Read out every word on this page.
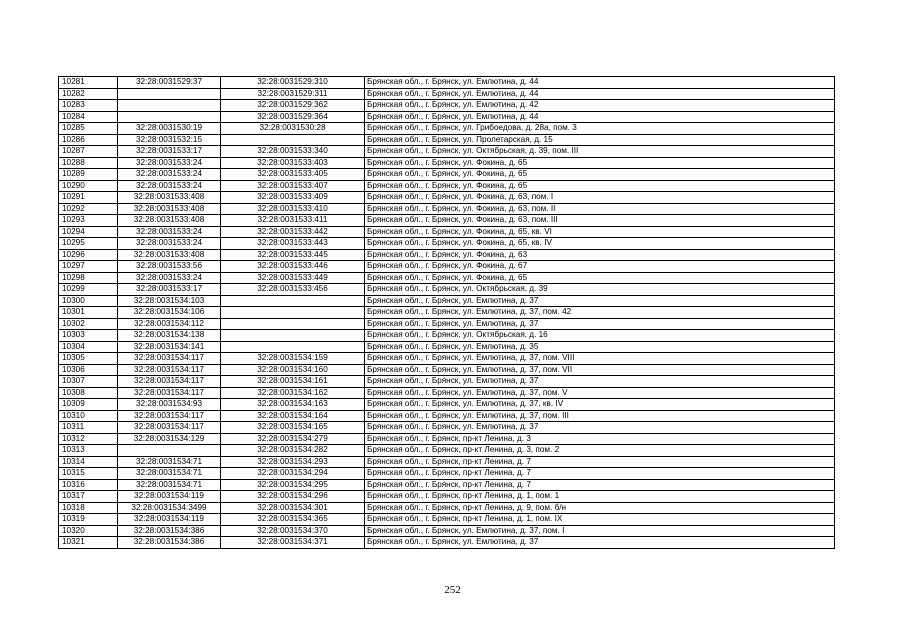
10281	32:28:0031529:37	32:28:0031529:310	Брянская обл., г. Брянск, ул. Емлютина, д. 44
10282		32:28:0031529:311	Брянская обл., г. Брянск, ул. Емлютина, д. 44
10283		32:28:0031529:362	Брянская обл., г. Брянск, ул. Емлютина, д. 42
10284		32:28:0031529:364	Брянская обл., г. Брянск, ул. Емлютина, д. 44
10285	32:28:0031530:19	32:28:0031530:28	Брянская обл., г. Брянск, ул. Грибоедова, д. 28а, пом. 3
10286	32:28:0031532:15		Брянская обл., г. Брянск, ул. Пролетарская, д. 15
10287	32:28:0031533:17	32:28:0031533:340	Брянская обл., г. Брянск, ул. Октябрьская, д. 39, пом. III
10288	32:28:0031533:24	32:28:0031533:403	Брянская обл., г. Брянск, ул. Фокина, д. 65
10289	32:28:0031533:24	32:28:0031533:405	Брянская обл., г. Брянск, ул. Фокина, д. 65
10290	32:28:0031533:24	32:28:0031533:407	Брянская обл., г. Брянск, ул. Фокина, д. 65
10291	32:28:0031533:408	32:28:0031533:409	Брянская обл., г. Брянск, ул. Фокина, д. 63, пом. I
10292	32:28:0031533:408	32:28:0031533:410	Брянская обл., г. Брянск, ул. Фокина, д. 63, пом. II
10293	32:28:0031533:408	32:28:0031533:411	Брянская обл., г. Брянск, ул. Фокина, д. 63, пом. III
10294	32:28:0031533:24	32:28:0031533:442	Брянская обл., г. Брянск, ул. Фокина, д. 65, кв. VI
10295	32:28:0031533:24	32:28:0031533:443	Брянская обл., г. Брянск, ул. Фокина, д. 65, кв. IV
10296	32:28:0031533:408	32:28:0031533:445	Брянская обл., г. Брянск, ул. Фокина, д. 63
10297	32:28:0031533:56	32:28:0031533:446	Брянская обл., г. Брянск, ул. Фокина, д. 67
10298	32:28:0031533:24	32:28:0031533:449	Брянская обл., г. Брянск, ул. Фокина, д. 65
10299	32:28:0031533:17	32:28:0031533:456	Брянская обл., г. Брянск, ул. Октябрьская, д. 39
10300	32:28:0031534:103		Брянская обл., г. Брянск, ул. Емлютина, д. 37
10301	32:28:0031534:106		Брянская обл., г. Брянск, ул. Емлютина, д. 37, пом. 42
10302	32:28:0031534:112		Брянская обл., г. Брянск, ул. Емлютина, д. 37
10303	32:28:0031534:138		Брянская обл., г. Брянск, ул. Октябрьская, д. 16
10304	32:28:0031534:141		Брянская обл., г. Брянск, ул. Емлютина, д. 35
10305	32:28:0031534:117	32:28:0031534:159	Брянская обл., г. Брянск, ул. Емлютина, д. 37, пом. VIII
10306	32:28:0031534:117	32:28:0031534:160	Брянская обл., г. Брянск, ул. Емлютина, д. 37, пом. VII
10307	32:28:0031534:117	32:28:0031534:161	Брянская обл., г. Брянск, ул. Емлютина, д. 37
10308	32:28:0031534:117	32:28:0031534:162	Брянская обл., г. Брянск, ул. Емлютина, д. 37, пом. V
10309	32:28:0031534:93	32:28:0031534:163	Брянская обл., г. Брянск, ул. Емлютина, д. 37, кв. IV
10310	32:28:0031534:117	32:28:0031534:164	Брянская обл., г. Брянск, ул. Емлютина, д. 37, пом. III
10311	32:28:0031534:117	32:28:0031534:165	Брянская обл., г. Брянск, ул. Емлютина, д. 37
10312	32:28:0031534:129	32:28:0031534:279	Брянская обл., г. Брянск, пр-кт Ленина, д. 3
10313		32:28:0031534:282	Брянская обл., г. Брянск, пр-кт Ленина, д. 3, пом. 2
10314	32:28:0031534:71	32:28:0031534:293	Брянская обл., г. Брянск, пр-кт Ленина, д. 7
10315	32:28:0031534:71	32:28:0031534:294	Брянская обл., г. Брянск, пр-кт Ленина, д. 7
10316	32:28:0031534:71	32:28:0031534:295	Брянская обл., г. Брянск, пр-кт Ленина, д. 7
10317	32:28:0031534:119	32:28:0031534:296	Брянская обл., г. Брянск, пр-кт Ленина, д. 1, пом. 1
10318	32:28:0031534:3499	32:28:0031534:301	Брянская обл., г. Брянск, пр-кт Ленина, д. 9, пом. б/н
10319	32:28:0031534:119	32:28:0031534:365	Брянская обл., г. Брянск, пр-кт Ленина, д. 1, пом. IX
10320	32:28:0031534:386	32:28:0031534:370	Брянская обл., г. Брянск, ул. Емлютина, д. 37, пом. I
10321	32:28:0031534:386	32:28:0031534:371	Брянская обл., г. Брянск, ул. Емлютина, д. 37
252
